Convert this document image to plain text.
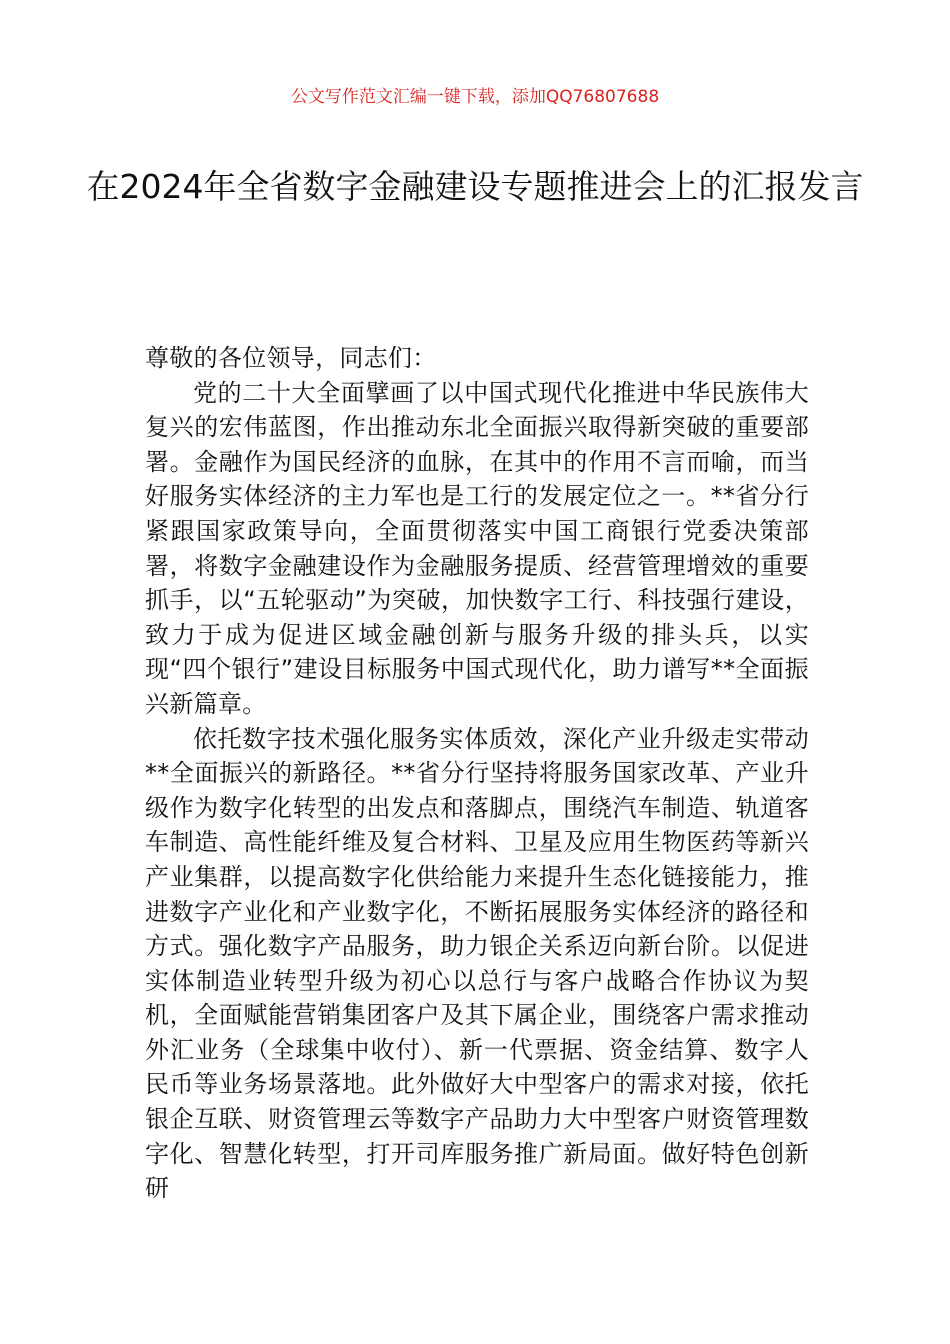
公文写作范文汇编一键下载，添加QQ76807688
在2024年全省数字金融建设专题推进会上的汇报发言

尊敬的各位领导，同志们：

党的二十大全面擘画了以中国式现代化推进中华民族伟大复兴的宏伟蓝图，作出推动东北全面振兴取得新突破的重要部署。金融作为国民经济的血脉，在其中的作用不言而喻，而当好服务实体经济的主力军也是工行的发展定位之一。**省分行紧跟国家政策导向，全面贯彻落实中国工商银行党委决策部署，将数字金融建设作为金融服务提质、经营管理增效的重要抓手，以“五轮驱动”为突破，加快数字工行、科技强行建设，致力于成为促进区域金融创新与服务升级的排头兵，以实现“四个银行”建设目标服务中国式现代化，助力谱写**全面振兴新篇章。

依托数字技术强化服务实体质效，深化产业升级走实带动**全面振兴的新路径。**省分行坚持将服务国家改革、产业升级作为数字化转型的出发点和落脚点，围绕汽车制造、轨道客车制造、高性能纤维及复合材料、卫星及应用生物医药等新兴产业集群，以提高数字化供给能力来提升生态化链接能力，推进数字产业化和产业数字化，不断拓展服务实体经济的路径和方式。强化数字产品服务，助力银企关系迈向新台阶。以促进实体制造业转型升级为初心以总行与客户战略合作协议为契机，全面赋能营销集团客户及其下属企业，围绕客户需求推动外汇业务（全球集中收付）、新一代票据、资金结算、数字人民币等业务场景落地。此外做好大中型客户的需求对接，依托银企互联、财资管理云等数字产品助力大中型客户财资管理数字化、智慧化转型，打开司库服务推广新局面。做好特色创新研
